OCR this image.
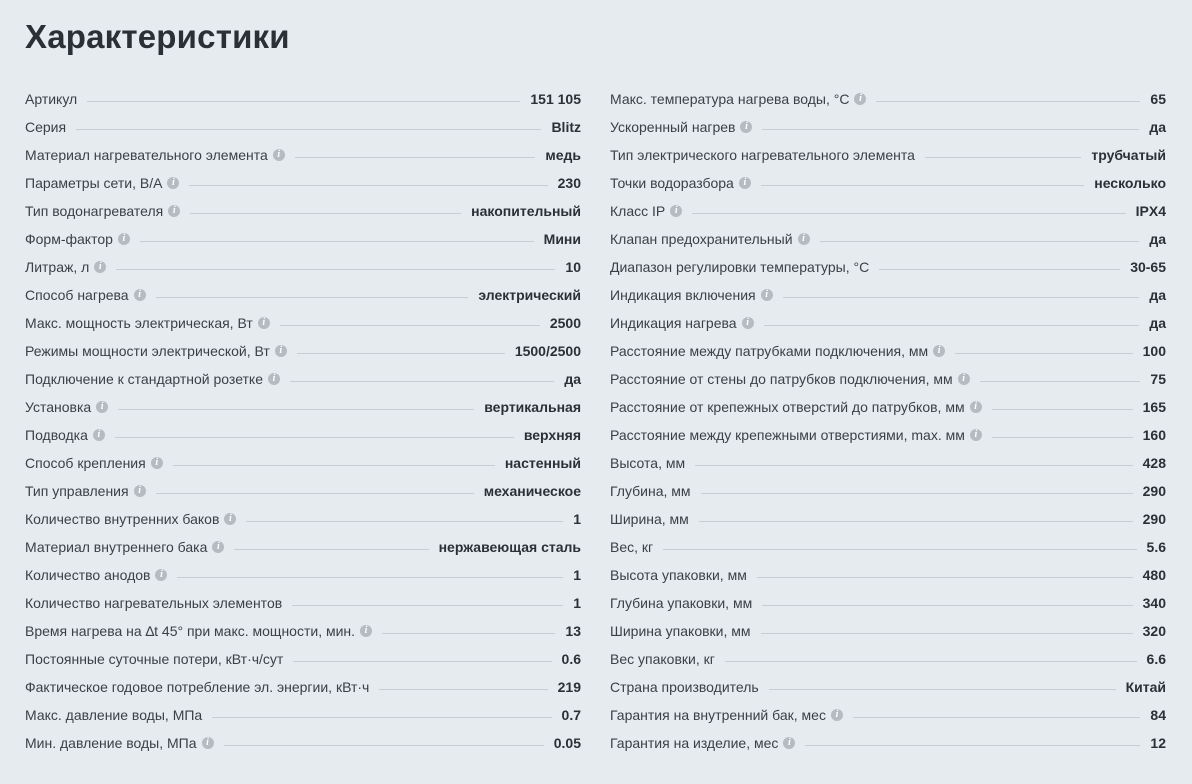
Характеристики
Артикул	151 105
Серия	Blitz
Материал нагревательного элемента i	медь
Параметры сети, В/А i	230
Тип водонагревателя i	накопительный
Форм-фактор i	Мини
Литраж, л i	10
Способ нагрева i	электрический
Макс. мощность электрическая, Вт i	2500
Режимы мощности электрической, Вт i	1500/2500
Подключение к стандартной розетке i	да
Установка i	вертикальная
Подводка i	верхняя
Способ крепления i	настенный
Тип управления i	механическое
Количество внутренних баков i	1
Материал внутреннего бака i	нержавеющая сталь
Количество анодов i	1
Количество нагревательных элементов	1
Время нагрева на ∆t 45° при макс. мощности, мин. i	13
Постоянные суточные потери, кВт·ч/сут	0.6
Фактическое годовое потребление эл. энергии, кВт·ч	219
Макс. давление воды, МПа	0.7
Мин. давление воды, МПа i	0.05
Макс. температура нагрева воды, °C i	65
Ускоренный нагрев i	да
Тип электрического нагревательного элемента	трубчатый
Точки водоразбора i	несколько
Класс IP i	IPX4
Клапан предохранительный i	да
Диапазон регулировки температуры, °C	30-65
Индикация включения i	да
Индикация нагрева i	да
Расстояние между патрубками подключения, мм i	100
Расстояние от стены до патрубков подключения, мм i	75
Расстояние от крепежных отверстий до патрубков, мм i	165
Расстояние между крепежными отверстиями, max. мм i	160
Высота, мм	428
Глубина, мм	290
Ширина, мм	290
Вес, кг	5.6
Высота упаковки, мм	480
Глубина упаковки, мм	340
Ширина упаковки, мм	320
Вес упаковки, кг	6.6
Страна производитель	Китай
Гарантия на внутренний бак, мес i	84
Гарантия на изделие, мес i	12
